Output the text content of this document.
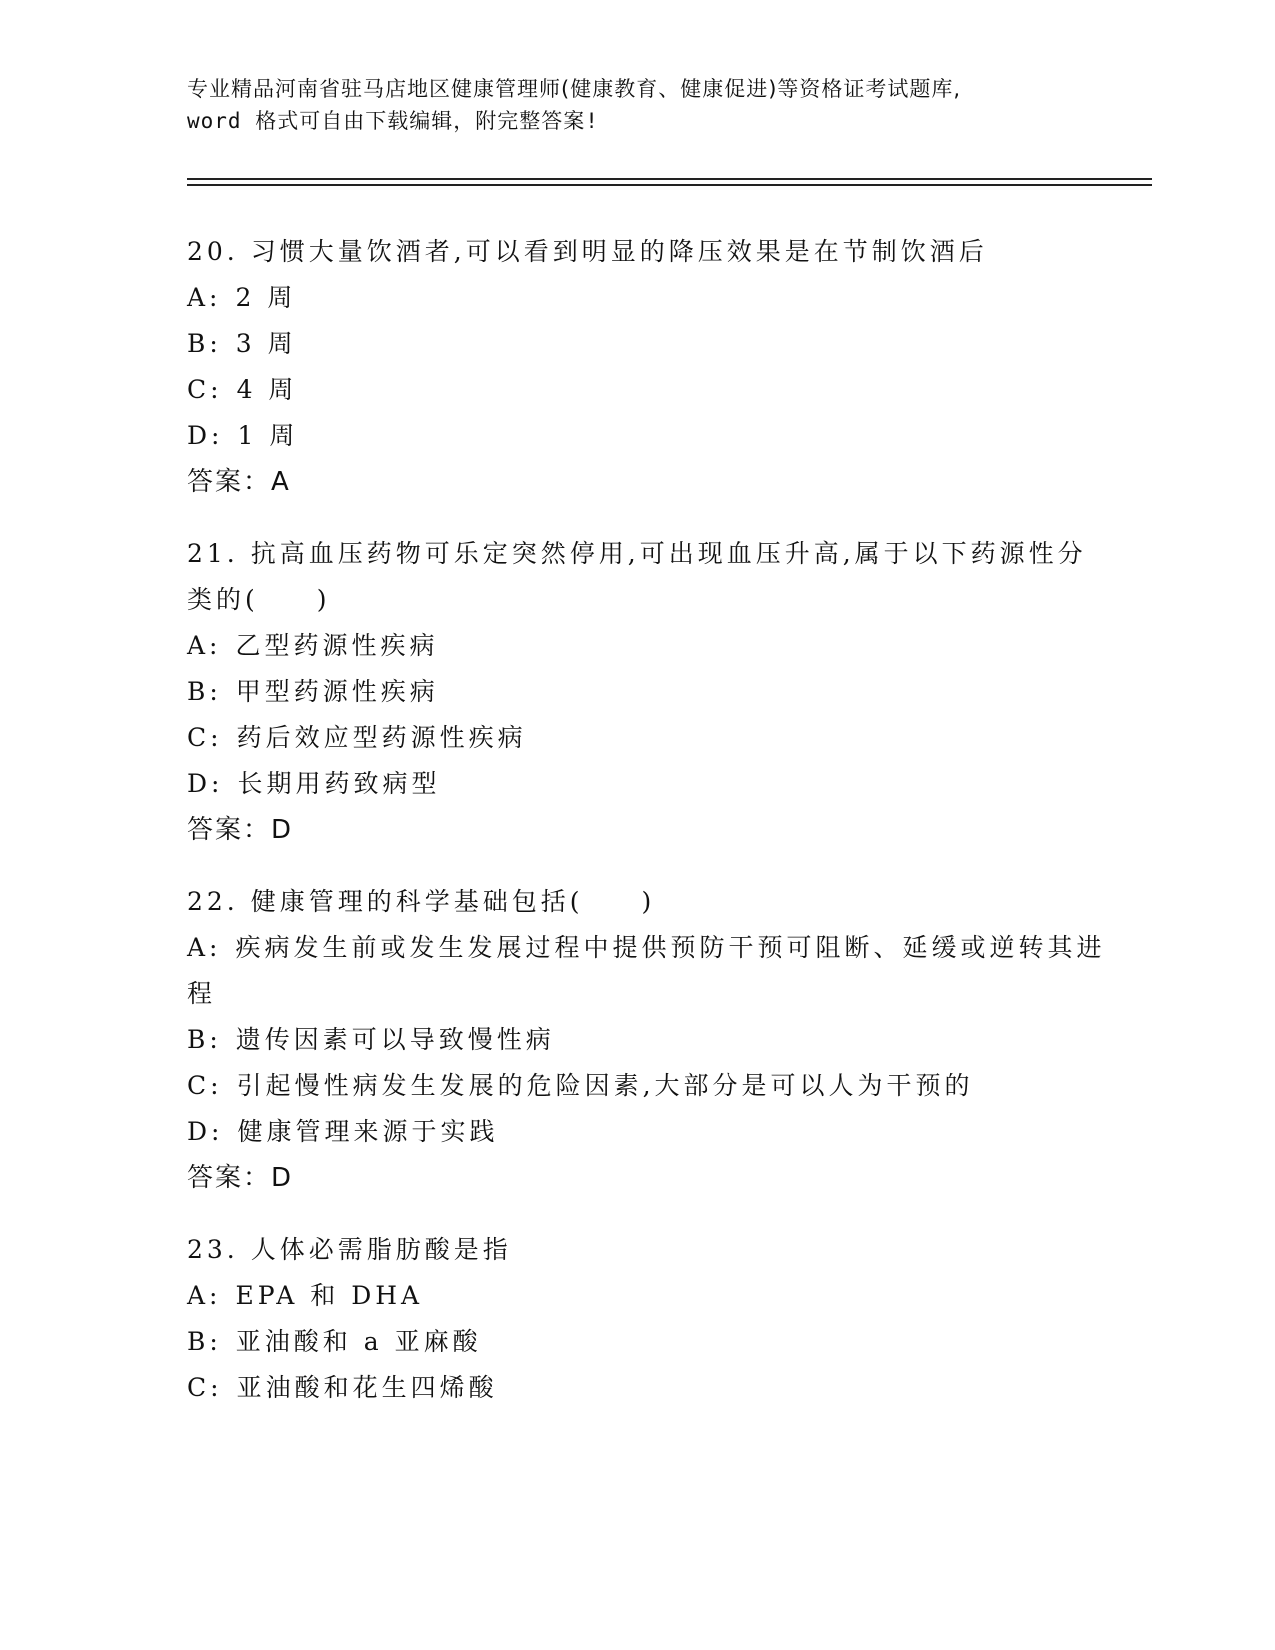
专业精品河南省驻马店地区健康管理师(健康教育、健康促进)等资格证考试题库,
word 格式可自由下载编辑，附完整答案!
20. 习惯大量饮酒者,可以看到明显的降压效果是在节制饮酒后
A: 2 周
B: 3 周
C: 4 周
D: 1 周
答案：A
21. 抗高血压药物可乐定突然停用,可出现血压升高,属于以下药源性分类的(　　)
A: 乙型药源性疾病
B: 甲型药源性疾病
C: 药后效应型药源性疾病
D: 长期用药致病型
答案：D
22. 健康管理的科学基础包括(　　)
A: 疾病发生前或发生发展过程中提供预防干预可阻断、延缓或逆转其进程
B: 遗传因素可以导致慢性病
C: 引起慢性病发生发展的危险因素,大部分是可以人为干预的
D: 健康管理来源于实践
答案：D
23. 人体必需脂肪酸是指
A: EPA 和 DHA
B: 亚油酸和 a 亚麻酸
C: 亚油酸和花生四烯酸
